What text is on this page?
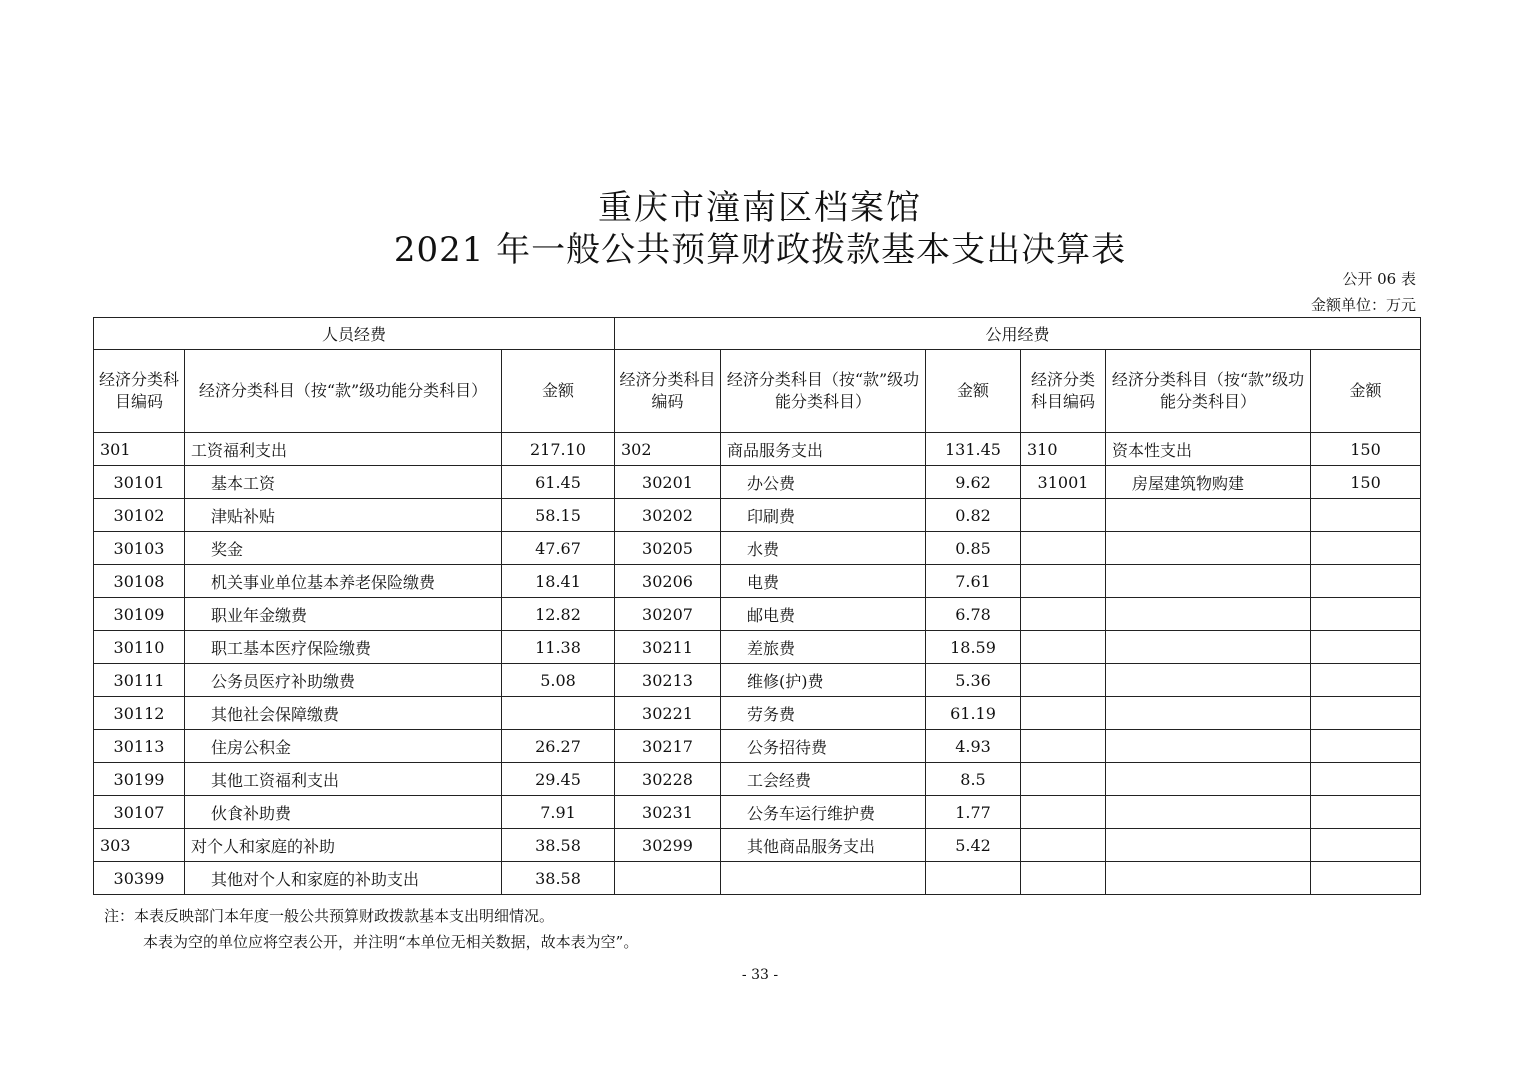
重庆市潼南区档案馆
2021 年一般公共预算财政拨款基本支出决算表
公开 06 表
金额单位：万元
人员经费			公用经费					
经济分类科目编码	经济分类科目（按“款”级功能分类科目）	金额	经济分类科目编码	经济分类科目（按“款”级功能分类科目）	金额	经济分类科目编码	经济分类科目（按“款”级功能分类科目）	金额
301	工资福利支出	217.10	302	商品服务支出	131.45	310	资本性支出	150
30101	基本工资	61.45	30201	办公费	9.62	31001	房屋建筑物购建	150
30102	津贴补贴	58.15	30202	印刷费	0.82			
30103	奖金	47.67	30205	水费	0.85			
30108	机关事业单位基本养老保险缴费	18.41	30206	电费	7.61			
30109	职业年金缴费	12.82	30207	邮电费	6.78			
30110	职工基本医疗保险缴费	11.38	30211	差旅费	18.59			
30111	公务员医疗补助缴费	5.08	30213	维修(护)费	5.36			
30112	其他社会保障缴费		30221	劳务费	61.19			
30113	住房公积金	26.27	30217	公务招待费	4.93			
30199	其他工资福利支出	29.45	30228	工会经费	8.5			
30107	伙食补助费	7.91	30231	公务车运行维护费	1.77			
303	对个人和家庭的补助	38.58	30299	其他商品服务支出	5.42			
30399	其他对个人和家庭的补助支出	38.58						
注：本表反映部门本年度一般公共预算财政拨款基本支出明细情况。
本表为空的单位应将空表公开，并注明“本单位无相关数据，故本表为空”。
- 33 -
